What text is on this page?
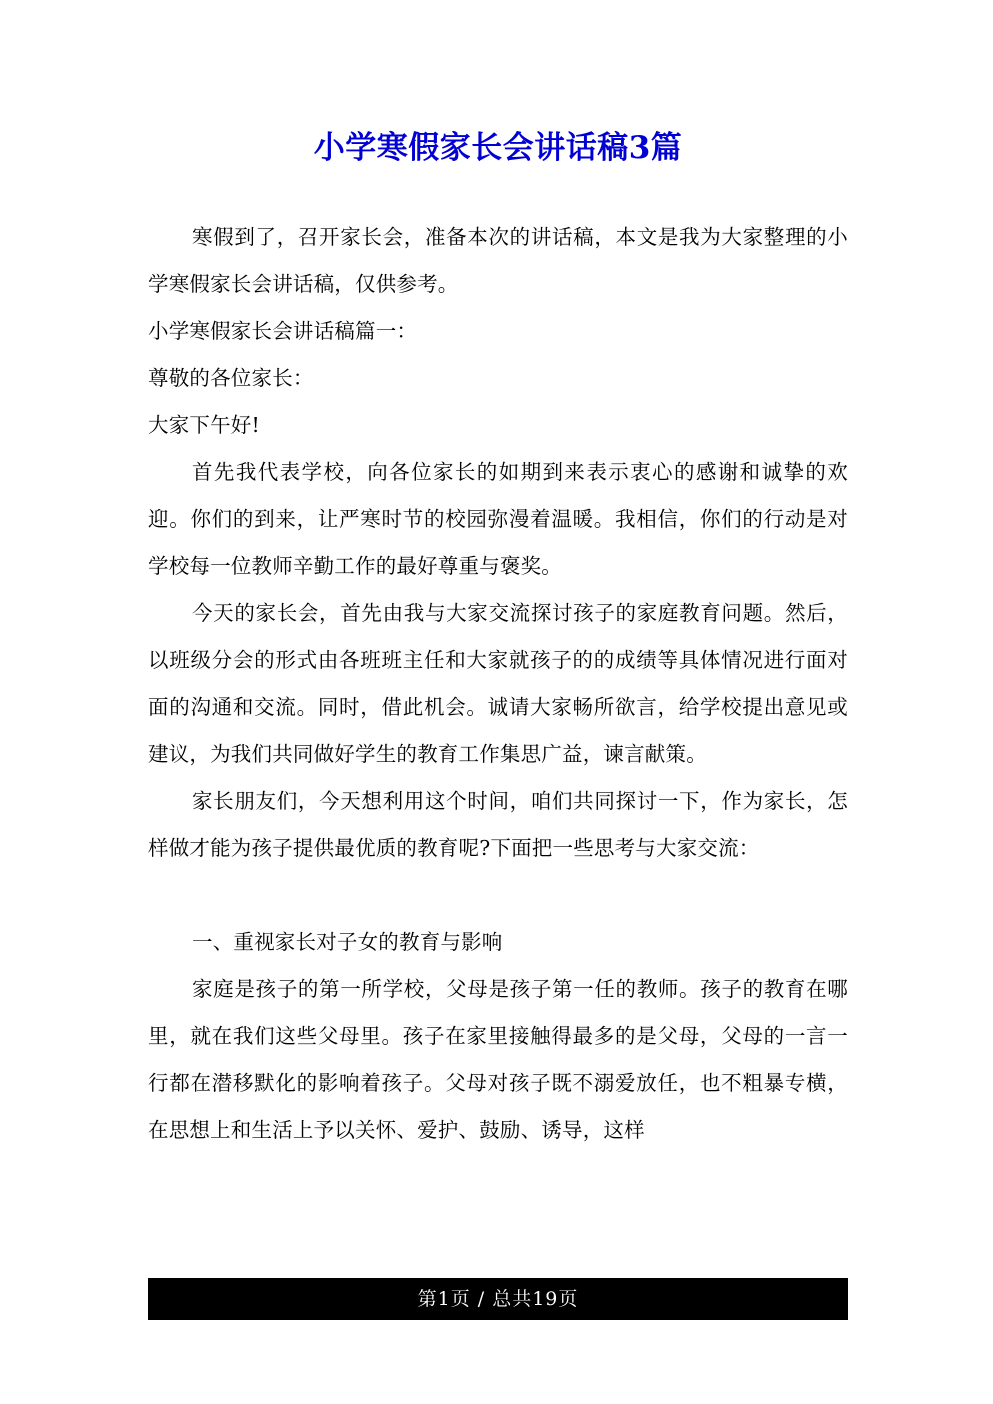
小学寒假家长会讲话稿3篇

寒假到了，召开家长会，准备本次的讲话稿，本文是我为大家整理的小学寒假家长会讲话稿，仅供参考。

小学寒假家长会讲话稿篇一：

尊敬的各位家长：

大家下午好!

首先我代表学校，向各位家长的如期到来表示衷心的感谢和诚挚的欢迎。你们的到来，让严寒时节的校园弥漫着温暖。我相信，你们的行动是对学校每一位教师辛勤工作的最好尊重与褒奖。

今天的家长会，首先由我与大家交流探讨孩子的家庭教育问题。然后，以班级分会的形式由各班班主任和大家就孩子的的成绩等具体情况进行面对面的沟通和交流。同时，借此机会。诚请大家畅所欲言，给学校提出意见或建议，为我们共同做好学生的教育工作集思广益，谏言献策。

家长朋友们，今天想利用这个时间，咱们共同探讨一下，作为家长，怎样做才能为孩子提供最优质的教育呢?下面把一些思考与大家交流：

一、重视家长对子女的教育与影响

家庭是孩子的第一所学校，父母是孩子第一任的教师。孩子的教育在哪里，就在我们这些父母里。孩子在家里接触得最多的是父母，父母的一言一行都在潜移默化的影响着孩子。父母对孩子既不溺爱放任，也不粗暴专横，在思想上和生活上予以关怀、爱护、鼓励、诱导，这样

第1页 / 总共19页
